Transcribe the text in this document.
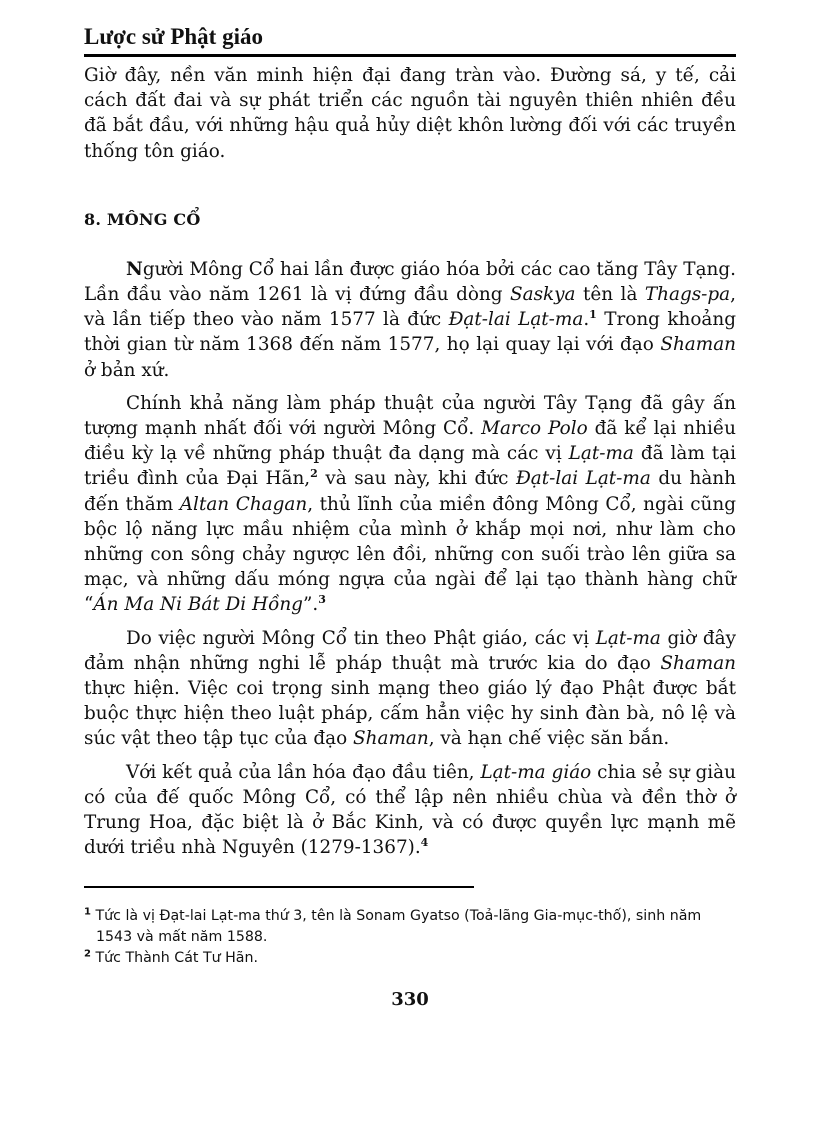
Lược sử Phật giáo

Giờ đây, nền văn minh hiện đại đang tràn vào. Đường sá, y tế, cải cách đất đai và sự phát triển các nguồn tài nguyên thiên nhiên đều đã bắt đầu, với những hậu quả hủy diệt khôn lường đối với các truyền thống tôn giáo.

8. MÔNG CỔ

Người Mông Cổ hai lần được giáo hóa bởi các cao tăng Tây Tạng. Lần đầu vào năm 1261 là vị đứng đầu dòng Saskya tên là Thags-pa, và lần tiếp theo vào năm 1577 là đức Đạt-lai Lạt-ma.$^1$ Trong khoảng thời gian từ năm 1368 đến năm 1577, họ lại quay lại với đạo Shaman ở bản xứ.

Chính khả năng làm pháp thuật của người Tây Tạng đã gây ấn tượng mạnh nhất đối với người Mông Cổ. Marco Polo đã kể lại nhiều điều kỳ lạ về những pháp thuật đa dạng mà các vị Lạt-ma đã làm tại triều đình của Đại Hãn,$^2$ và sau này, khi đức Đạt-lai Lạt-ma du hành đến thăm Altan Chagan, thủ lĩnh của miền đông Mông Cổ, ngài cũng bộc lộ năng lực mầu nhiệm của mình ở khắp mọi nơi, như làm cho những con sông chảy ngược lên đồi, những con suối trào lên giữa sa mạc, và những dấu móng ngựa của ngài để lại tạo thành hàng chữ “Án Ma Ni Bát Di Hồng”.$^3$

Do việc người Mông Cổ tin theo Phật giáo, các vị Lạt-ma giờ đây đảm nhận những nghi lễ pháp thuật mà trước kia do đạo Shaman thực hiện. Việc coi trọng sinh mạng theo giáo lý đạo Phật được bắt buộc thực hiện theo luật pháp, cấm hẳn việc hy sinh đàn bà, nô lệ và súc vật theo tập tục của đạo Shaman, và hạn chế việc săn bắn.

Với kết quả của lần hóa đạo đầu tiên, Lạt-ma giáo chia sẻ sự giàu có của đế quốc Mông Cổ, có thể lập nên nhiều chùa và đền thờ ở Trung Hoa, đặc biệt là ở Bắc Kinh, và có được quyền lực mạnh mẽ dưới triều nhà Nguyên (1279-1367).$^4$

$^1$ Tức là vị Đạt-lai Lạt-ma thứ 3, tên là Sonam Gyatso (Toả-lãng Gia-mục-thố), sinh năm 1543 và mất năm 1588.

$^2$ Tức Thành Cát Tư Hãn.

330
